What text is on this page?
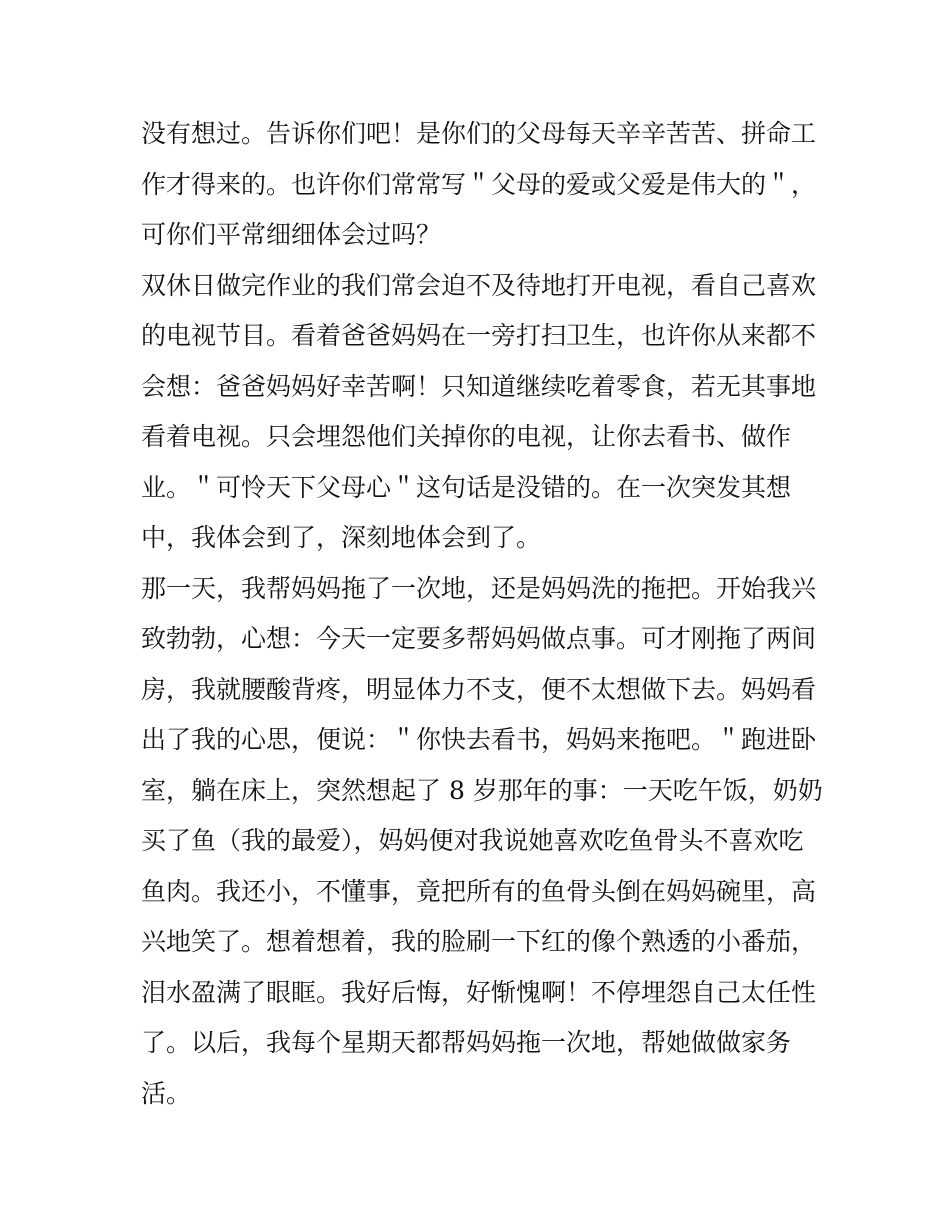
没有想过。告诉你们吧！是你们的父母每天辛辛苦苦、拼命工
作才得来的。也许你们常常写＂父母的爱或父爱是伟大的＂，
可你们平常细细体会过吗？
双休日做完作业的我们常会迫不及待地打开电视，看自己喜欢
的电视节目。看着爸爸妈妈在一旁打扫卫生，也许你从来都不
会想：爸爸妈妈好幸苦啊！只知道继续吃着零食，若无其事地
看着电视。只会埋怨他们关掉你的电视，让你去看书、做作
业。＂可怜天下父母心＂这句话是没错的。在一次突发其想
中，我体会到了，深刻地体会到了。
那一天，我帮妈妈拖了一次地，还是妈妈洗的拖把。开始我兴
致勃勃，心想：今天一定要多帮妈妈做点事。可才刚拖了两间
房，我就腰酸背疼，明显体力不支，便不太想做下去。妈妈看
出了我的心思，便说：＂你快去看书，妈妈来拖吧。＂跑进卧
室，躺在床上，突然想起了 8 岁那年的事：一天吃午饭，奶奶
买了鱼（我的最爱），妈妈便对我说她喜欢吃鱼骨头不喜欢吃
鱼肉。我还小，不懂事，竟把所有的鱼骨头倒在妈妈碗里，高
兴地笑了。想着想着，我的脸刷一下红的像个熟透的小番茄，
泪水盈满了眼眶。我好后悔，好惭愧啊！不停埋怨自己太任性
了。以后，我每个星期天都帮妈妈拖一次地，帮她做做家务
活。
